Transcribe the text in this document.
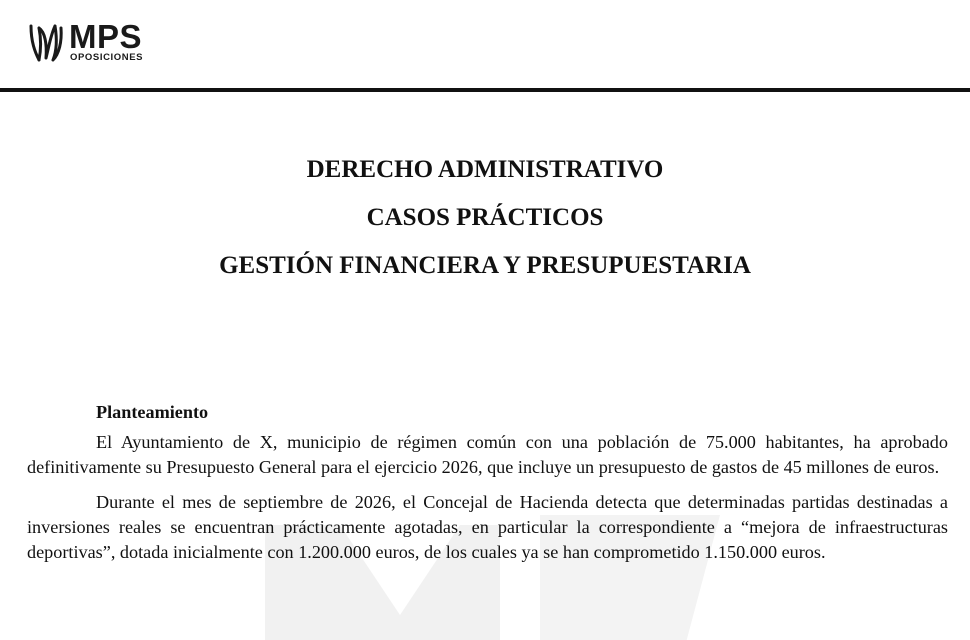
MPS
OPOSICIONES
DERECHO ADMINISTRATIVO
CASOS PRÁCTICOS
GESTIÓN FINANCIERA Y PRESUPUESTARIA
Planteamiento

El Ayuntamiento de X, municipio de régimen común con una población de 75.000 habitantes, ha aprobado definitivamente su Presupuesto General para el ejercicio 2026, que incluye un presupuesto de gastos de 45 millones de euros.

Durante el mes de septiembre de 2026, el Concejal de Hacienda detecta que determinadas partidas destinadas a inversiones reales se encuentran prácticamente agotadas, en particular la correspondiente a “mejora de infraestructuras deportivas”, dotada inicialmente con 1.200.000 euros, de los cuales ya se han comprometido 1.150.000 euros.
